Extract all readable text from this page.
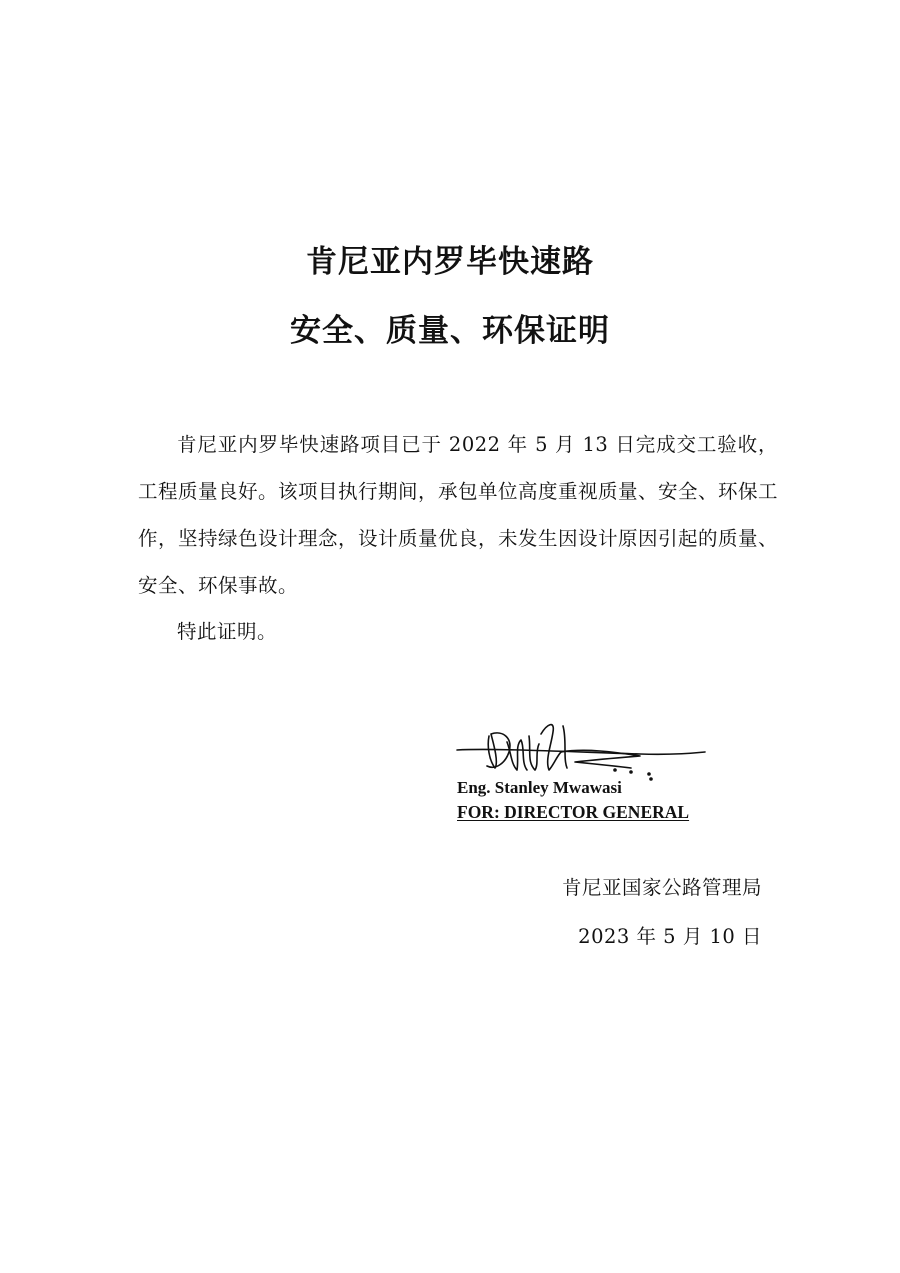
肯尼亚内罗毕快速路
安全、质量、环保证明

肯尼亚内罗毕快速路项目已于 2022 年 5 月 13 日完成交工验收，工程质量良好。该项目执行期间，承包单位高度重视质量、安全、环保工作，坚持绿色设计理念，设计质量优良，未发生因设计原因引起的质量、安全、环保事故。

特此证明。

Eng. Stanley Mwawasi

FOR: DIRECTOR GENERAL

肯尼亚国家公路管理局

2023 年 5 月 10 日
